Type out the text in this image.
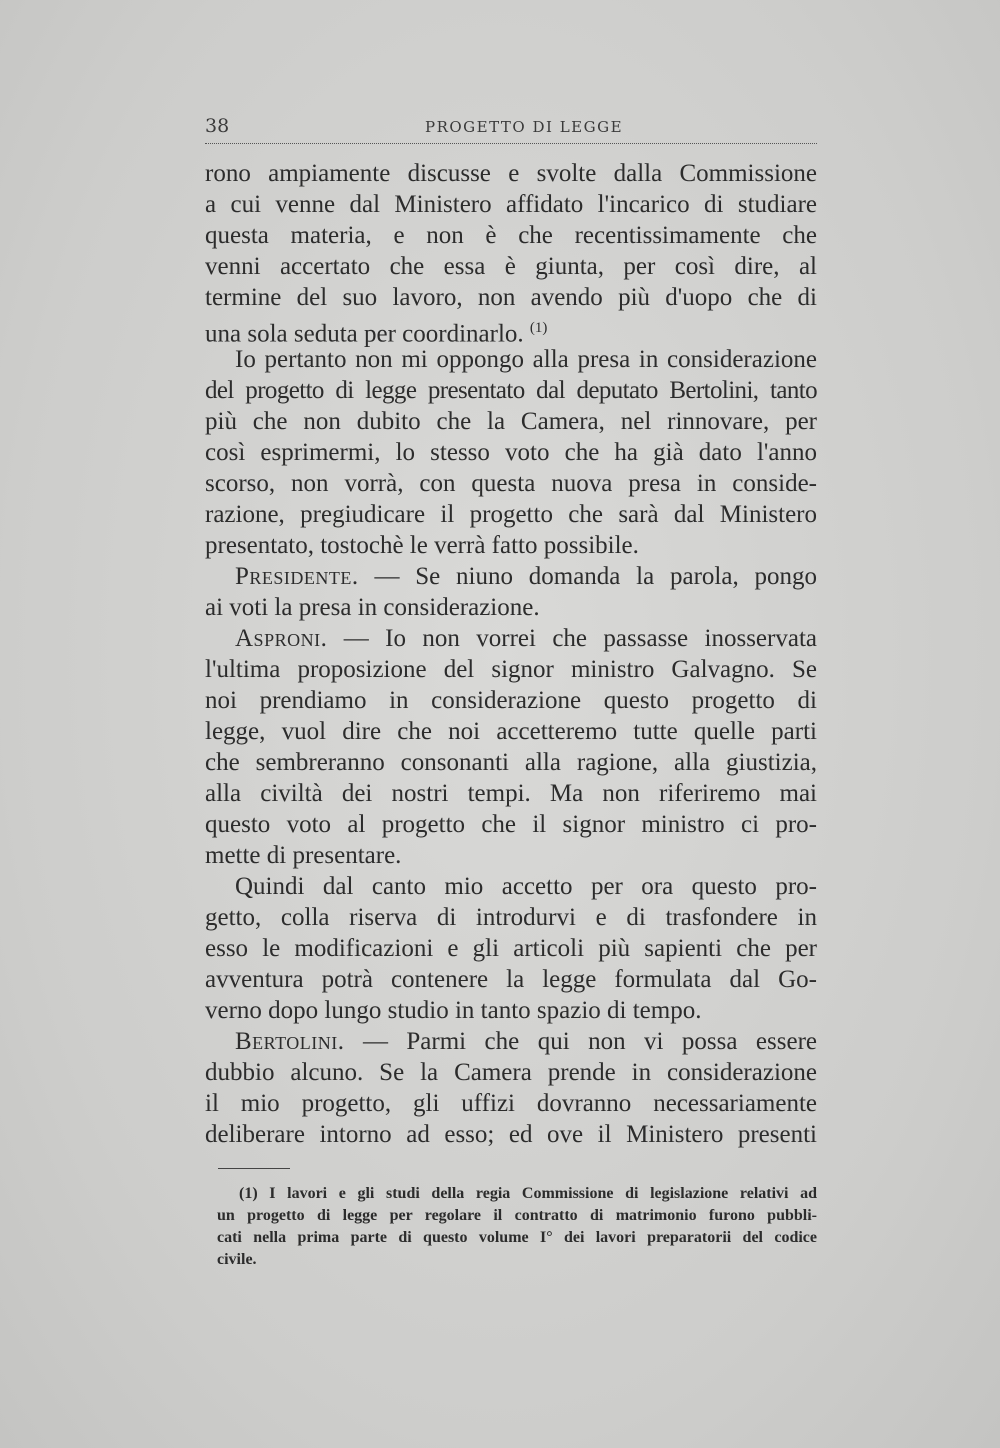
38	PROGETTO DI LEGGE
rono ampiamente discusse e svolte dalla Commissione
a cui venne dal Ministero affidato l'incarico di studiare
questa materia, e non è che recentissimamente che
venni accertato che essa è giunta, per così dire, al
termine del suo lavoro, non avendo più d'uopo che di
una sola seduta per coordinarlo. $^{(1)}$
Io pertanto non mi oppongo alla presa in considerazione
del progetto di legge presentato dal deputato Bertolini, tanto
più che non dubito che la Camera, nel rinnovare, per
così esprimermi, lo stesso voto che ha già dato l'anno
scorso, non vorrà, con questa nuova presa in conside-
razione, pregiudicare il progetto che sarà dal Ministero
presentato, tostochè le verrà fatto possibile.
Presidente. — Se niuno domanda la parola, pongo
ai voti la presa in considerazione.
Asproni. — Io non vorrei che passasse inosservata
l'ultima proposizione del signor ministro Galvagno. Se
noi prendiamo in considerazione questo progetto di
legge, vuol dire che noi accetteremo tutte quelle parti
che sembreranno consonanti alla ragione, alla giustizia,
alla civiltà dei nostri tempi. Ma non riferiremo mai
questo voto al progetto che il signor ministro ci pro-
mette di presentare.
Quindi dal canto mio accetto per ora questo pro-
getto, colla riserva di introdurvi e di trasfondere in
esso le modificazioni e gli articoli più sapienti che per
avventura potrà contenere la legge formulata dal Go-
verno dopo lungo studio in tanto spazio di tempo.
Bertolini. — Parmi che qui non vi possa essere
dubbio alcuno. Se la Camera prende in considerazione
il mio progetto, gli uffizi dovranno necessariamente
deliberare intorno ad esso; ed ove il Ministero presenti
(1) I lavori e gli studi della regia Commissione di legislazione relativi ad
un progetto di legge per regolare il contratto di matrimonio furono pubbli-
cati nella prima parte di questo volume I° dei lavori preparatorii del codice
civile.
